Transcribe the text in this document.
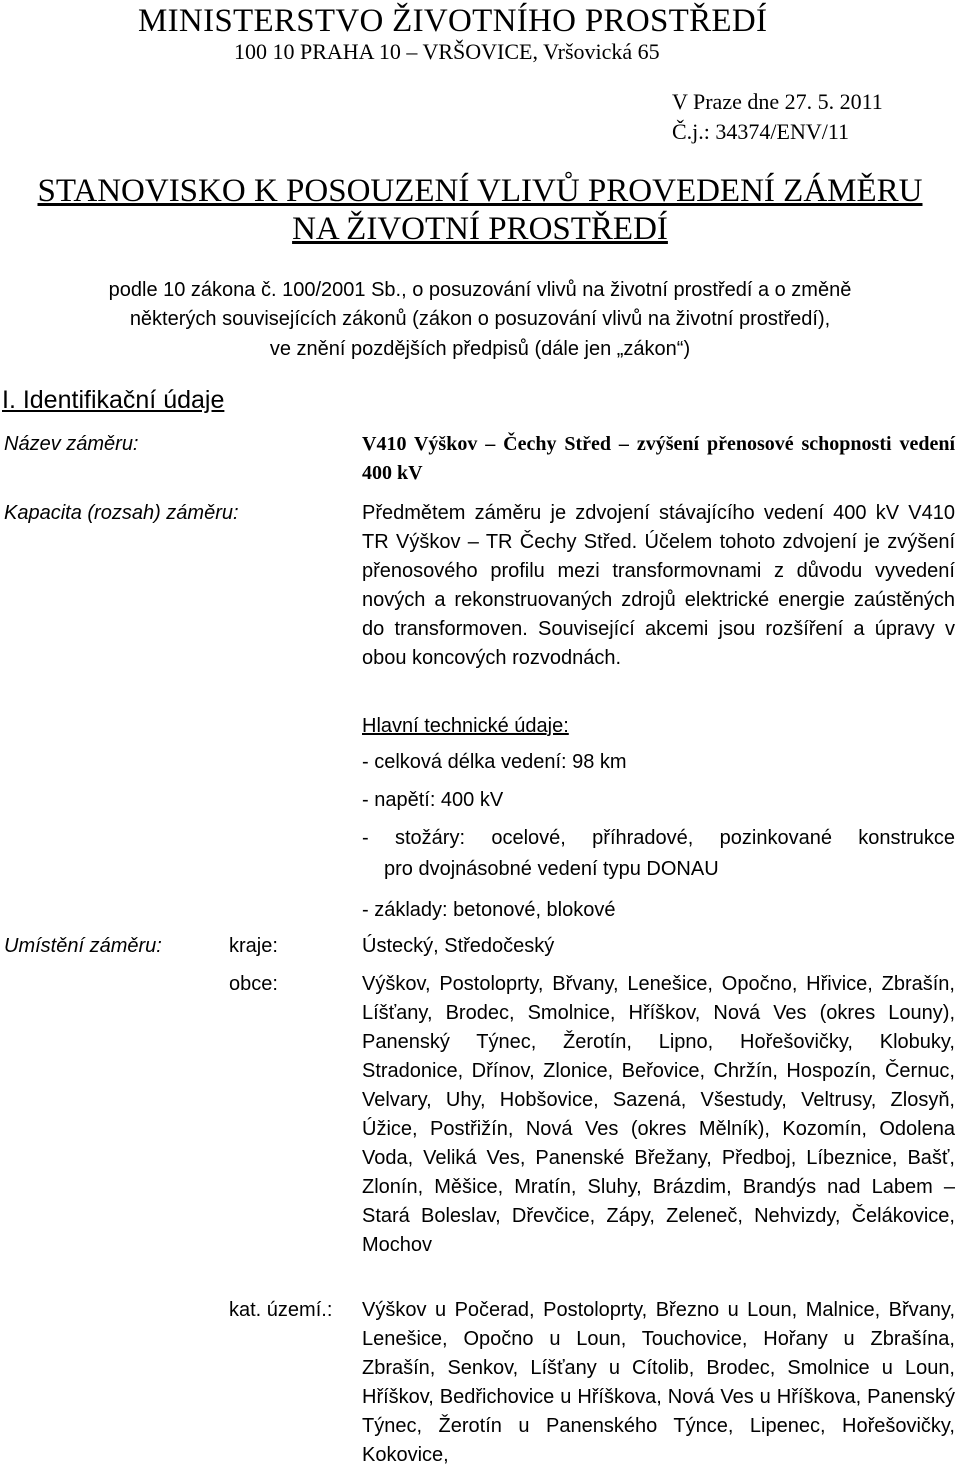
MINISTERSTVO ŽIVOTNÍHO PROSTŘEDÍ
100 10 PRAHA 10 – VRŠOVICE, Vršovická 65
V Praze dne 27. 5. 2011
Č.j.: 34374/ENV/11
STANOVISKO K POSOUZENÍ VLIVŮ PROVEDENÍ ZÁMĚRU
NA ŽIVOTNÍ PROSTŘEDÍ
podle 10 zákona č. 100/2001 Sb., o posuzování vlivů na životní prostředí a o změně
některých souvisejících zákonů (zákon o posuzování vlivů na životní prostředí),
ve znění pozdějších předpisů (dále jen „zákon“)
I. Identifikační údaje
Název záměru:	V410 Výškov – Čechy Střed – zvýšení přenosové schopnosti vedení 400 kV
Kapacita (rozsah) záměru:	Předmětem záměru je zdvojení stávajícího vedení 400 kV V410 TR Výškov – TR Čechy Střed. Účelem tohoto zdvojení je zvýšení přenosového profilu mezi transformovnami z důvodu vyvedení nových a rekonstruovaných zdrojů elektrické energie zaústěných do transformoven. Související akcemi jsou rozšíření a úpravy v obou koncových rozvodnách.
Hlavní technické údaje:
- celková délka vedení: 98 km
- napětí: 400 kV
- stožáry: ocelové, příhradové, pozinkované konstrukce
pro dvojnásobné vedení typu DONAU
- základy: betonové, blokové
Umístění záměru:	kraje:	Ústecký, Středočeský
obce:	Výškov, Postoloprty, Břvany, Lenešice, Opočno, Hřivice, Zbrašín, Líšťany, Brodec, Smolnice, Hříškov, Nová Ves (okres Louny), Panenský Týnec, Žerotín, Lipno, Hořešovičky, Klobuky, Stradonice, Dřínov, Zlonice, Beřovice, Chržín, Hospozín, Černuc, Velvary, Uhy, Hobšovice, Sazená, Všestudy, Veltrusy, Zlosyň, Úžice, Postřižín, Nová Ves (okres Mělník), Kozomín, Odolena Voda, Veliká Ves, Panenské Břežany, Předboj, Líbeznice, Bašť, Zlonín, Měšice, Mratín, Sluhy, Brázdim, Brandýs nad Labem – Stará Boleslav, Dřevčice, Zápy, Zeleneč, Nehvizdy, Čelákovice, Mochov
kat. území.: Výškov u Počerad, Postoloprty, Březno u Loun, Malnice, Břvany, Lenešice, Opočno u Loun, Touchovice, Hořany u Zbrašína, Zbrašín, Senkov, Líšťany u Cítolib, Brodec, Smolnice u Loun, Hříškov, Bedřichovice u Hříškova, Nová Ves u Hříškova, Panenský Týnec, Žerotín u Panenského Týnce, Lipenec, Hořešovičky, Kokovice,
